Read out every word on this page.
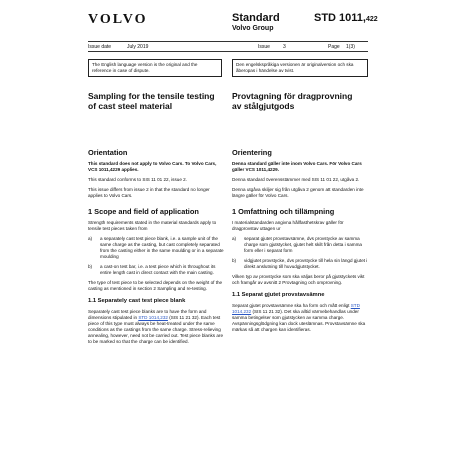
VOLVO	Standard
Volvo Group
STD 1011,422
Issue date	July 2019	Issue	3	Page 1(3)
The English language version is the original and the reference in case of dispute.
Den engelskspråkiga versionen är originalversion och ska åberopas i händelse av tvist.
Sampling for the tensile testing of cast steel material
Provtagning för dragprovning av stålgjutgods
Orientation

This standard does not apply to Volvo Cars. To Volvo Cars, VCS 1011,4229 applies.

This standard conforms to SIS 11 01 22, issue 2.

This issue differs from issue 2 in that the standard no longer applies to Volvo Cars.

1 Scope and field of application

Strength requirements stated in the material standards apply to tensile test pieces taken from

a)	a separately cast test piece blank, i.e. a sample unit of the same charge as the casting, but cast completely separated from the casting either in the same moulding or in a separate moulding
b)	a cast-on test bar, i.e. a test piece which is throughout its entire length cast in direct contact with the main casting.

The type of test piece to be selected depends on the weight of the casting as mentioned in section 2 Sampling and re-testing.

1.1 Separately cast test piece blank

Separately cast test piece blanks are to have the form and dimensions stipulated in STD 1014,232 (SIS 11 21 32). Each test piece of this type must always be heat-treated under the same conditions as the castings from the same charge. Stress-relieving annealing, however, need not be carried out. Test piece blanks are to be marked so that the charge can be identified.

Orientering

Denna standard gäller inte inom Volvo Cars. För Volvo Cars gäller VCS 1011,4229.

Denna standard överensstämmer med SIS 11 01 22, utgåva 2.

Denna utgåva skiljer sig från utgåva 2 genom att standarden inte längre gäller för Volvo Cars.

1 Omfattning och tillämpning

I materialstandarden angivna hållfasthetskrav gäller för dragprovstav uttagen ur

a)	separat gjutet provstavsämne, dvs provstycke av samma charge som gjutstycket, gjutet helt skilt från detta i samma form eller i separat form
b)	vidgjutet provstycke, dvs provstycke till hela sin längd gjutet i direkt anslutning till huvudgjutstycket.

Vilken typ av provstycke som ska väljas beror på gjutstyckets vikt och framgår av avsnitt 2 Provtagning och omprovning.

1.1 Separat gjutet provstavsämne

Separat gjutet provstavsämne ska ha form och mått enligt STD 1014,232 (SIS 11 21 32). Det ska alltid värmebehandlas under samma betingelser som gjutstycken av samma charge. Avspänningsglödgning kan dock uteslämnas. Provstavsämne ska märkas så att chargen kan identifieras.
